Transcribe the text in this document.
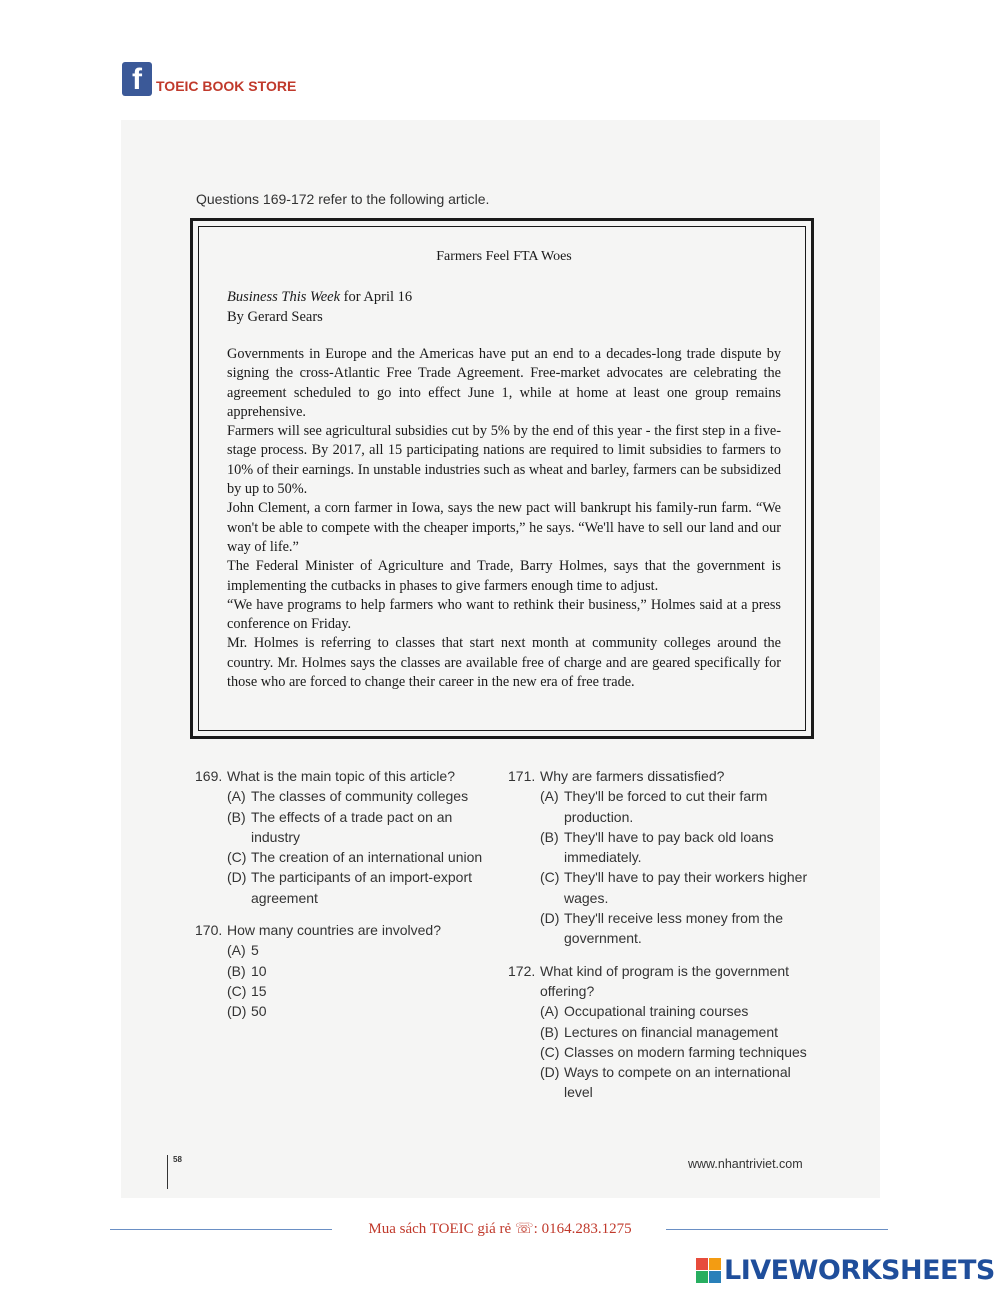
f	TOEIC BOOK STORE
Questions 169-172 refer to the following article.
Farmers Feel FTA Woes
Business This Week for April 16
By Gerard Sears

Governments in Europe and the Americas have put an end to a decades-long trade dispute by signing the cross-Atlantic Free Trade Agreement. Free-market advocates are celebrating the agreement scheduled to go into effect June 1, while at home at least one group remains apprehensive.

Farmers will see agricultural subsidies cut by 5% by the end of this year - the first step in a five-stage process. By 2017, all 15 participating nations are required to limit subsidies to farmers to 10% of their earnings. In unstable industries such as wheat and barley, farmers can be subsidized by up to 50%.

John Clement, a corn farmer in Iowa, says the new pact will bankrupt his family-run farm. “We won't be able to compete with the cheaper imports,” he says. “We'll have to sell our land and our way of life.”

The Federal Minister of Agriculture and Trade, Barry Holmes, says that the government is implementing the cutbacks in phases to give farmers enough time to adjust.

“We have programs to help farmers who want to rethink their business,” Holmes said at a press conference on Friday.

Mr. Holmes is referring to classes that start next month at community colleges around the country. Mr. Holmes says the classes are available free of charge and are geared specifically for those who are forced to change their career in the new era of free trade.

169. What is the main topic of this article?
(A) The classes of community colleges
(B) The effects of a trade pact on an industry
(C) The creation of an international union
(D) The participants of an import-export agreement
170. How many countries are involved?
(A) 5
(B) 10
(C) 15
(D) 50
171. Why are farmers dissatisfied?
(A) They'll be forced to cut their farm production.
(B) They'll have to pay back old loans immediately.
(C) They'll have to pay their workers higher wages.
(D) They'll receive less money from the government.
172. What kind of program is the government offering?
(A) Occupational training courses
(B) Lectures on financial management
(C) Classes on modern farming techniques
(D) Ways to compete on an international level
58	www.nhantriviet.com
Mua sách TOEIC giá rẻ ☏: 0164.283.1275
LIVEWORKSHEETS
